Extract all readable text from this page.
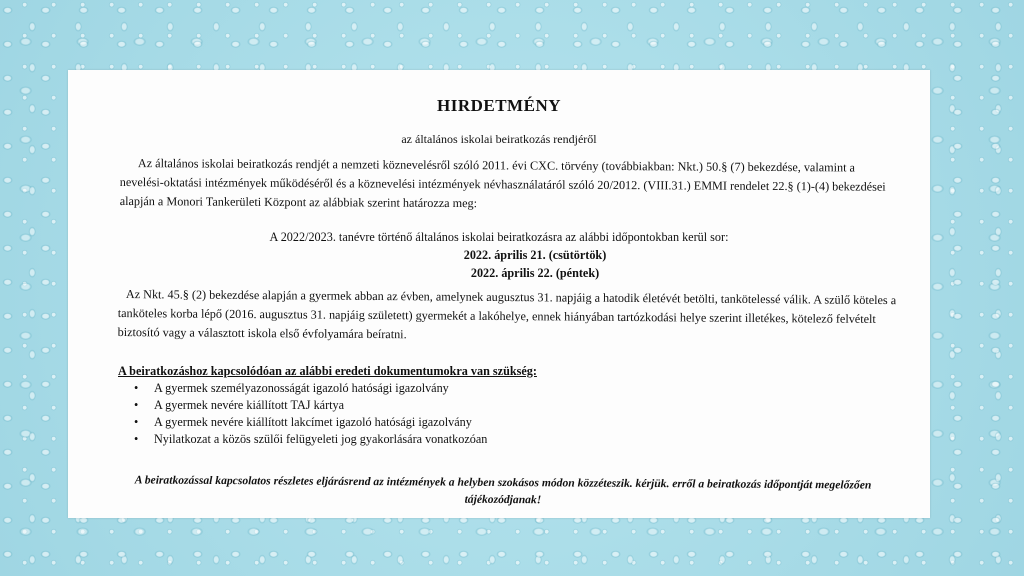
HIRDETMÉNY
az általános iskolai beiratkozás rendjéről

Az általános iskolai beiratkozás rendjét a nemzeti köznevelésről szóló 2011. évi CXC. törvény (továbbiakban: Nkt.) 50.§ (7) bekezdése, valamint a nevelési-oktatási intézmények működéséről és a köznevelési intézmények névhasználatáról szóló 20/2012. (VIII.31.) EMMI rendelet 22.§ (1)-(4) bekezdései alapján a Monori Tankerületi Központ az alábbiak szerint határozza meg:

A 2022/2023. tanévre történő általános iskolai beiratkozásra az alábbi időpontokban kerül sor:
2022. április 21. (csütörtök)
2022. április 22. (péntek)

Az Nkt. 45.§ (2) bekezdése alapján a gyermek abban az évben, amelynek augusztus 31. napjáig a hatodik életévét betölti, tankötelessé válik. A szülő köteles a tanköteles korba lépő (2016. augusztus 31. napjáig született) gyermekét a lakóhelye, ennek hiányában tartózkodási helye szerint illetékes, kötelező felvételt biztosító vagy a választott iskola első évfolyamára beíratni.

A beiratkozáshoz kapcsolódóan az alábbi eredeti dokumentumokra van szükség:
• A gyermek személyazonosságát igazoló hatósági igazolvány
• A gyermek nevére kiállított TAJ kártya
• A gyermek nevére kiállított lakcímet igazoló hatósági igazolvány
• Nyilatkozat a közös szülői felügyeleti jog gyakorlására vonatkozóan
A beiratkozással kapcsolatos részletes eljárásrend az intézmények a helyben szokásos módon közzéteszik. kérjük. erről a beiratkozás időpontját megelőzően tájékozódjanak!
